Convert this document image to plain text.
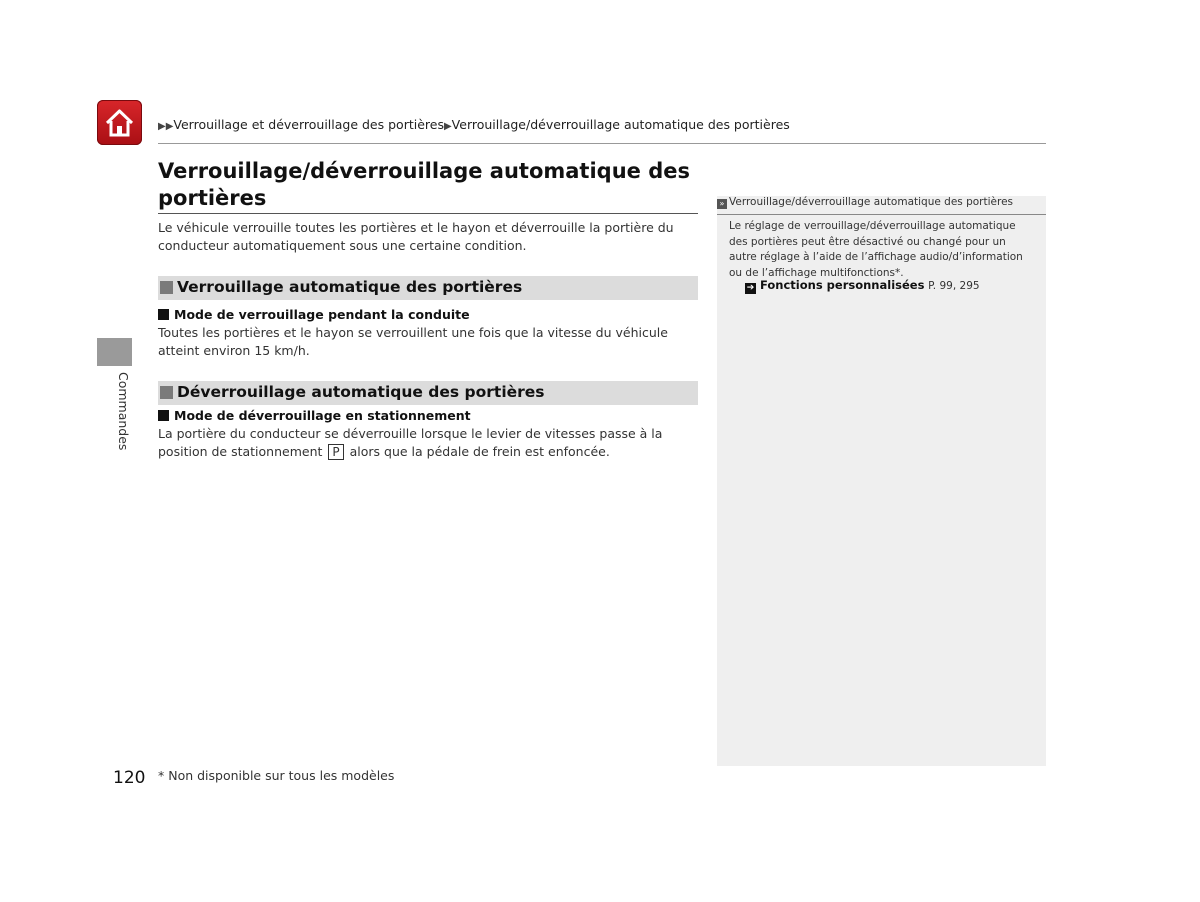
▶▶Verrouillage et déverrouillage des portières▶Verrouillage/déverrouillage automatique des portières
Verrouillage/déverrouillage automatique des portières

Le véhicule verrouille toutes les portières et le hayon et déverrouille la portière du conducteur automatiquement sous une certaine condition.

Verrouillage automatique des portières
Mode de verrouillage pendant la conduite

Toutes les portières et le hayon se verrouillent une fois que la vitesse du véhicule atteint environ 15 km/h.

Déverrouillage automatique des portières
Mode de déverrouillage en stationnement

La portière du conducteur se déverrouille lorsque le levier de vitesses passe à la position de stationnement P alors que la pédale de frein est enfoncée.

Commandes
» Verrouillage/déverrouillage automatique des portières

Le réglage de verrouillage/déverrouillage automatique des portières peut être désactivé ou changé pour un autre réglage à l’aide de l’affichage audio/d’information ou de l’affichage multifonctions*.

➔ Fonctions personnalisées P. 99, 295
120 * Non disponible sur tous les modèles
